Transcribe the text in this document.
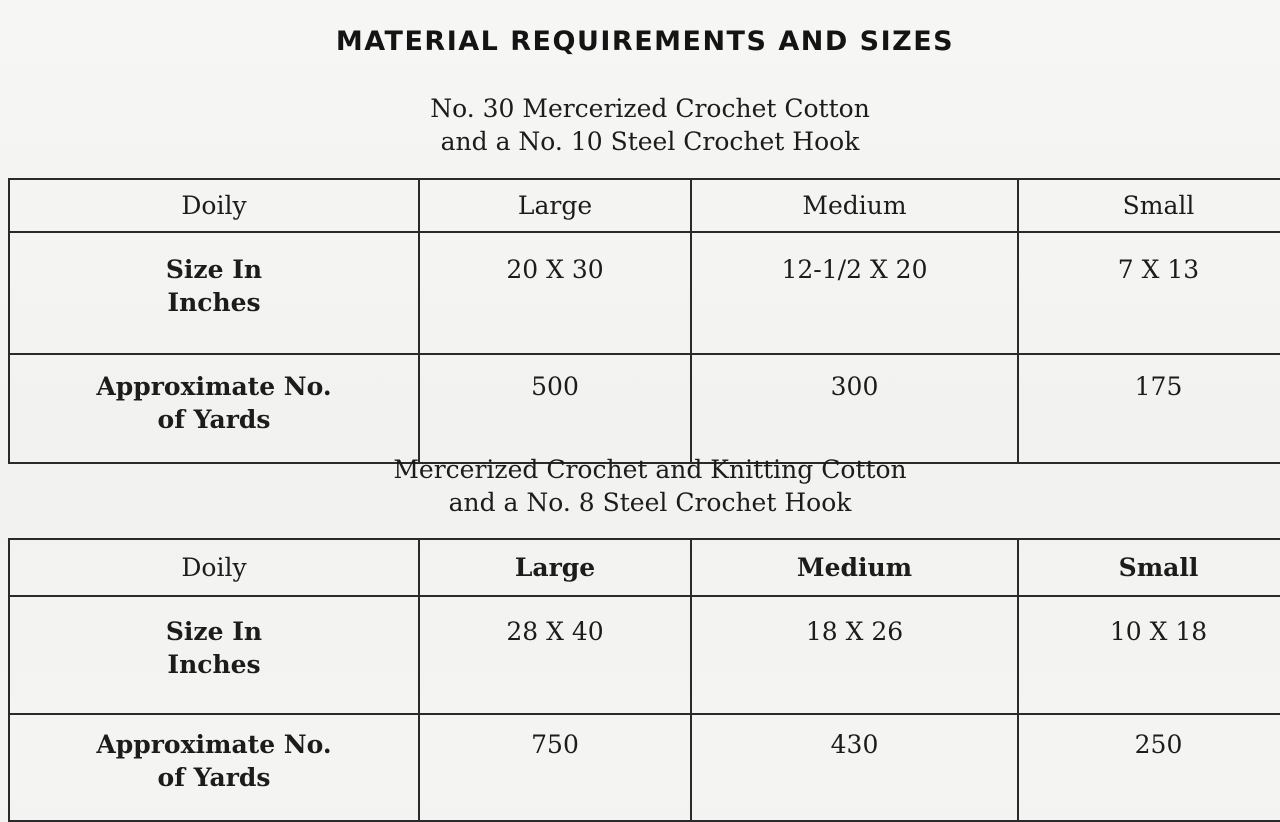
MATERIAL REQUIREMENTS AND SIZES
No. 30 Mercerized Crochet Cotton
and a No. 10 Steel Crochet Hook
Doily	Large	Medium	Small

Size In
Inches	20 X 30	12-1/2 X 20	7 X 13

Approximate No.
of Yards	500	300	175
Mercerized Crochet and Knitting Cotton
and a No. 8 Steel Crochet Hook
Doily	Large	Medium	Small

Size In
Inches	28 X 40	18 X 26	10 X 18

Approximate No.
of Yards	750	430	250
